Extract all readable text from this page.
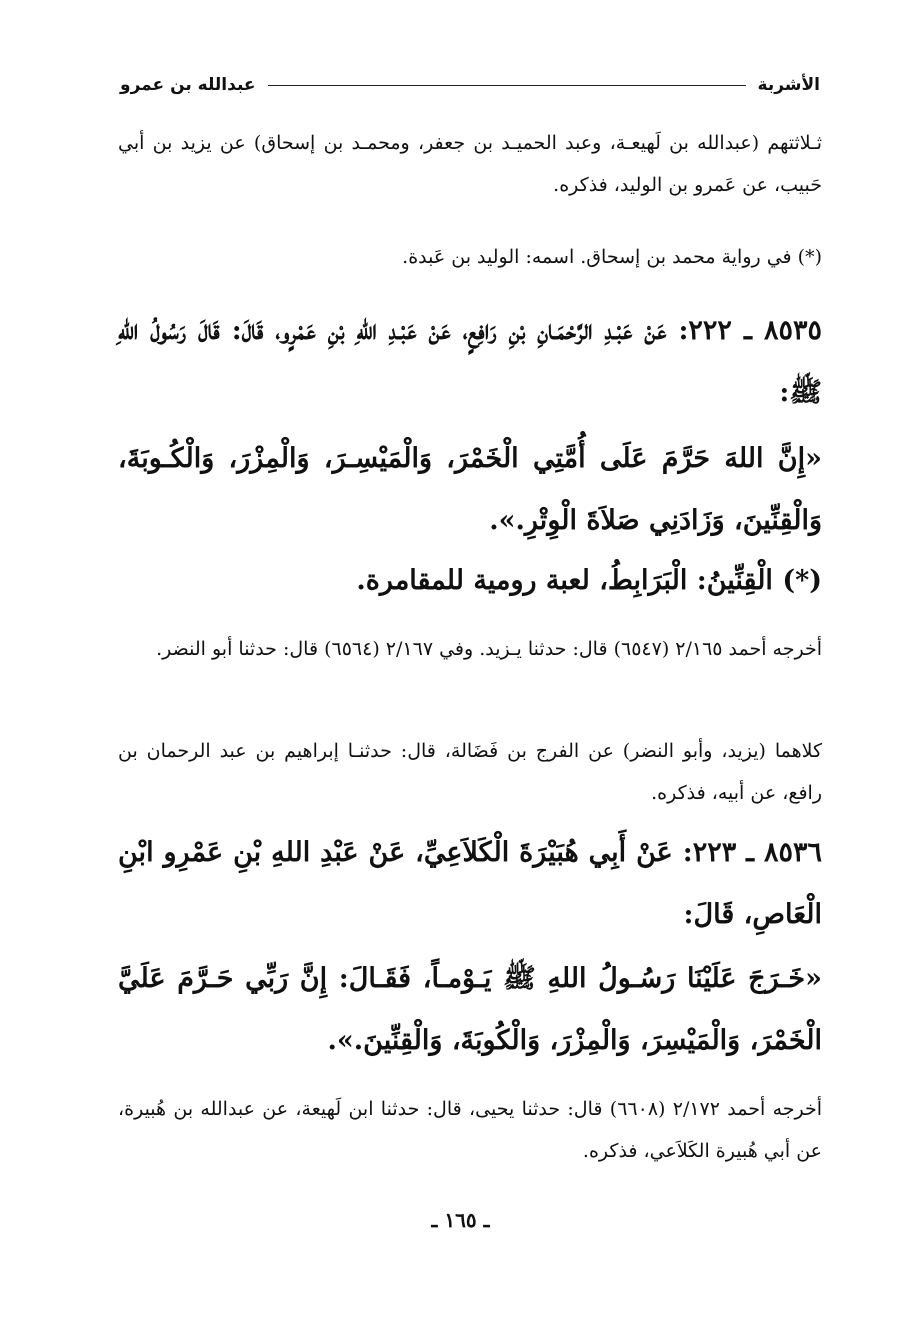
الأشربة
عبدالله بن عمرو
ثـلاثتهم (عبدالله بن لَهيعـة، وعبد الحميـد بن جعفر، ومحمـد بن إسحاق) عن يزيد بن أبي حَبيب، عن عَمرو بن الوليد، فذكره.
(*) في رواية محمد بن إسحاق. اسمه: الوليد بن عَبدة.
٨٥٣٥ ـ ٢٢٢: عَنْ عَبْـدِ الرَّحْمَـانِ بْنِ رَافِعٍ، عَنْ عَبْـدِ اللهِ بْنِ عَمْرٍو، قَالَ: قَالَ رَسُولُ اللهِ ﷺ:
«إِنَّ اللهَ حَرَّمَ عَلَى أُمَّتِي الْخَمْرَ، وَالْمَيْسِـرَ، وَالْمِزْرَ، وَالْكُـوبَةَ، وَالْقِنِّينَ، وَزَادَنِي صَلاَةَ الْوِتْرِ.».
(*) الْقِنِّينُ: الْبَرَابِطُ، لعبة رومية للمقامرة.
أخرجه أحمد ٢/١٦٥ (٦٥٤٧) قال: حدثنا يـزيد. وفي ٢/١٦٧ (٦٥٦٤) قال: حدثنا أبو النضر.
كلاهما (يزيد، وأبو النضر) عن الفرج بن فَضَالة، قال: حدثنـا إبراهيم بن عبد الرحمان بن رافع، عن أبيه، فذكره.
٨٥٣٦ ـ ٢٢٣: عَنْ أَبِي هُبَيْرَةَ الْكَلاَعِيِّ، عَنْ عَبْدِ اللهِ بْنِ عَمْرِو ابْنِ الْعَاصِ، قَالَ:
«خَـرَجَ عَلَيْنَا رَسُـولُ اللهِ ﷺ يَـوْمـاً، فَقَـالَ: إِنَّ رَبِّي حَـرَّمَ عَلَيَّ الْخَمْرَ، وَالْمَيْسِرَ، وَالْمِزْرَ، وَالْكُوبَةَ، وَالْقِنِّينَ.».
أخرجه أحمد ٢/١٧٢ (٦٦٠٨) قال: حدثنا يحيى، قال: حدثنا ابن لَهيعة، عن عبدالله بن هُبيرة، عن أبي هُبيرة الكَلاَعي، فذكره.
ـ ١٦٥ ـ
